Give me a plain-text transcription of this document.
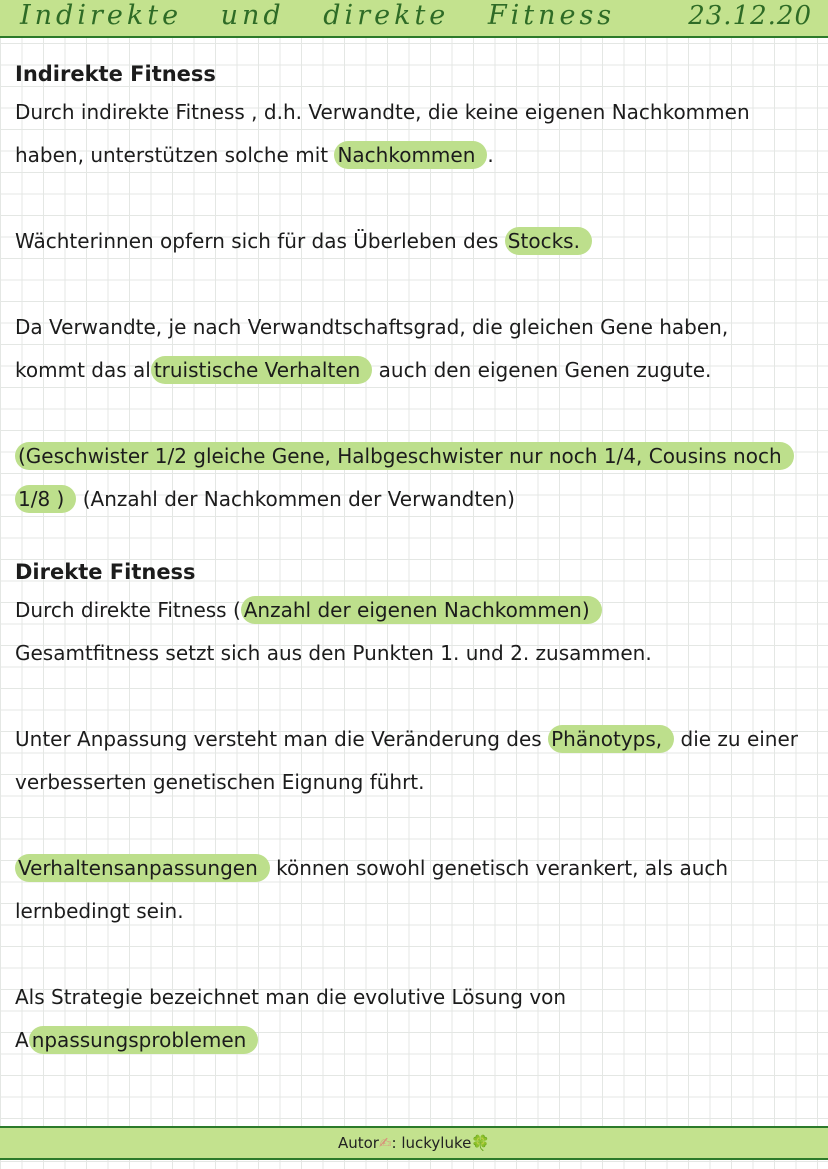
Indirekte und direkte Fitness	23.12.20
Indirekte Fitness

Durch indirekte Fitness , d.h. Verwandte, die keine eigenen Nachkommen

haben, unterstützen solche mit Nachkommen .

Wächterinnen opfern sich für das Überleben des Stocks.

Da Verwandte, je nach Verwandtschaftsgrad, die gleichen Gene haben,

kommt das al truistische Verhalten auch den eigenen Genen zugute.

(Geschwister 1/2 gleiche Gene, Halbgeschwister nur noch 1/4, Cousins noch

1/8 ) (Anzahl der Nachkommen der Verwandten)

Direkte Fitness

Durch direkte Fitness ( Anzahl der eigenen Nachkommen)

Gesamtfitness setzt sich aus den Punkten 1. und 2. zusammen.

Unter Anpassung versteht man die Veränderung des Phänotyps, die zu einer

verbesserten genetischen Eignung führt.

Verhaltensanpassungen können sowohl genetisch verankert, als auch

lernbedingt sein.

Als Strategie bezeichnet man die evolutive Lösung von A npassungsproblemen

Autor✍: luckyluke🍀
